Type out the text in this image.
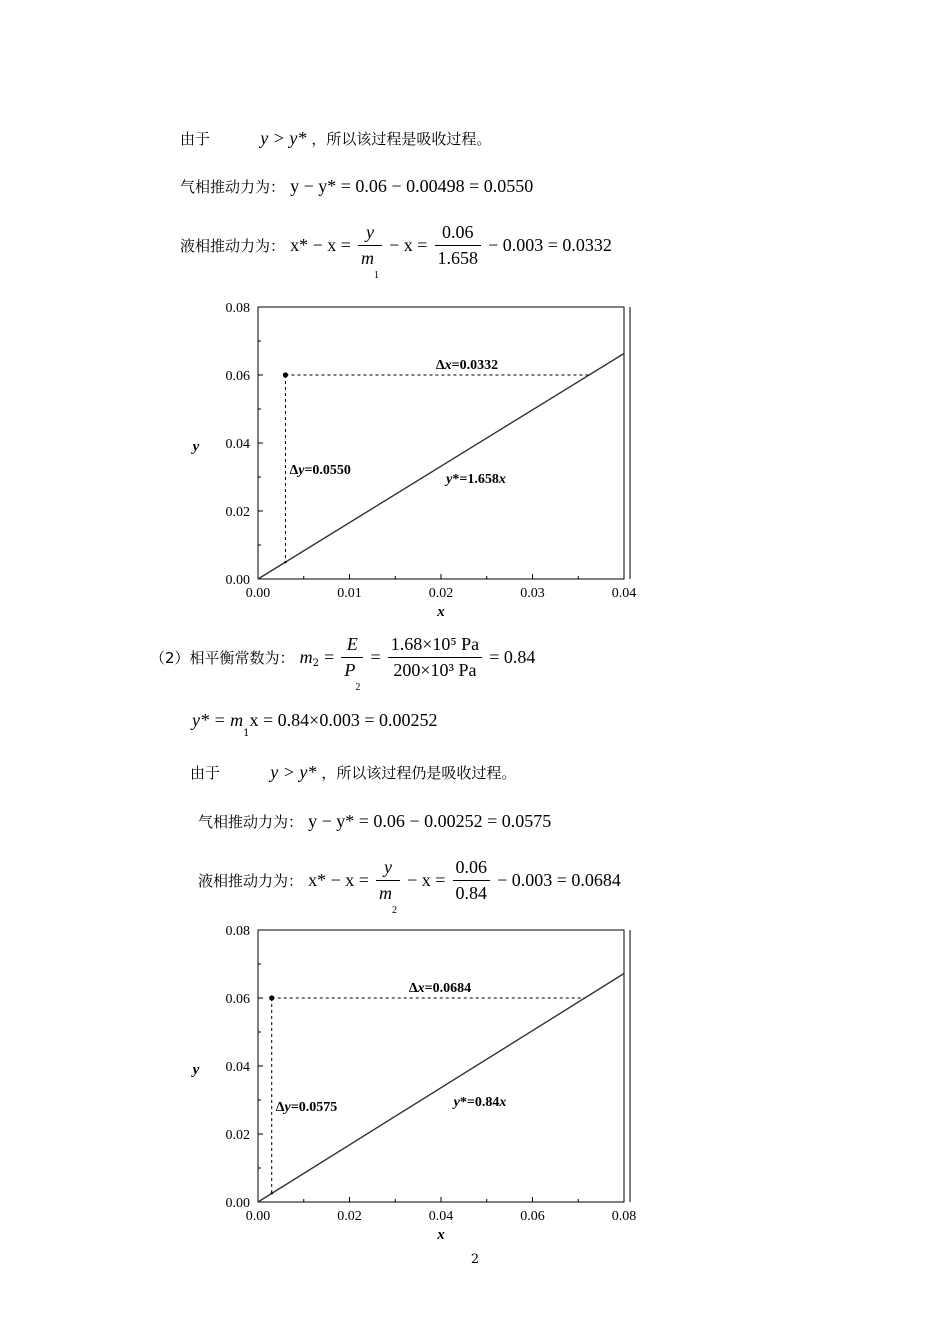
由于	y > y* ，所以该过程是吸收过程。
气相推动力为： y − y* = 0.06 − 0.00498 = 0.0550
液相推动力为： $x* - x = \frac{y}{m_1} - x = \frac{0.06}{1.658} - 0.003 = 0.0332$
0.00	0.01	0.02	0.03	0.04
0.00
0.02
0.04
0.06
0.08
x
y
Δx=0.0332
Δy=0.0550
y*=1.658x
（2）相平衡常数为： $m_2 = \frac{E}{P_2} = \frac{\text{1.68×10⁵ Pa}}{\text{200×10³ Pa}} = 0.84$
$y* = m_1x = 0.84\times 0.003 = 0.00252$
由于	y > y* ，所以该过程仍是吸收过程。
气相推动力为： y − y* = 0.06 − 0.00252 = 0.0575
液相推动力为： $x* - x = \frac{y}{m_2} - x = \frac{0.06}{0.84} - 0.003 = 0.0684$
0.00	0.02	0.04	0.06	0.08
0.00
0.02
0.04
0.06
0.08
x
y
Δx=0.0684
Δy=0.0575	y*=0.84x
2
